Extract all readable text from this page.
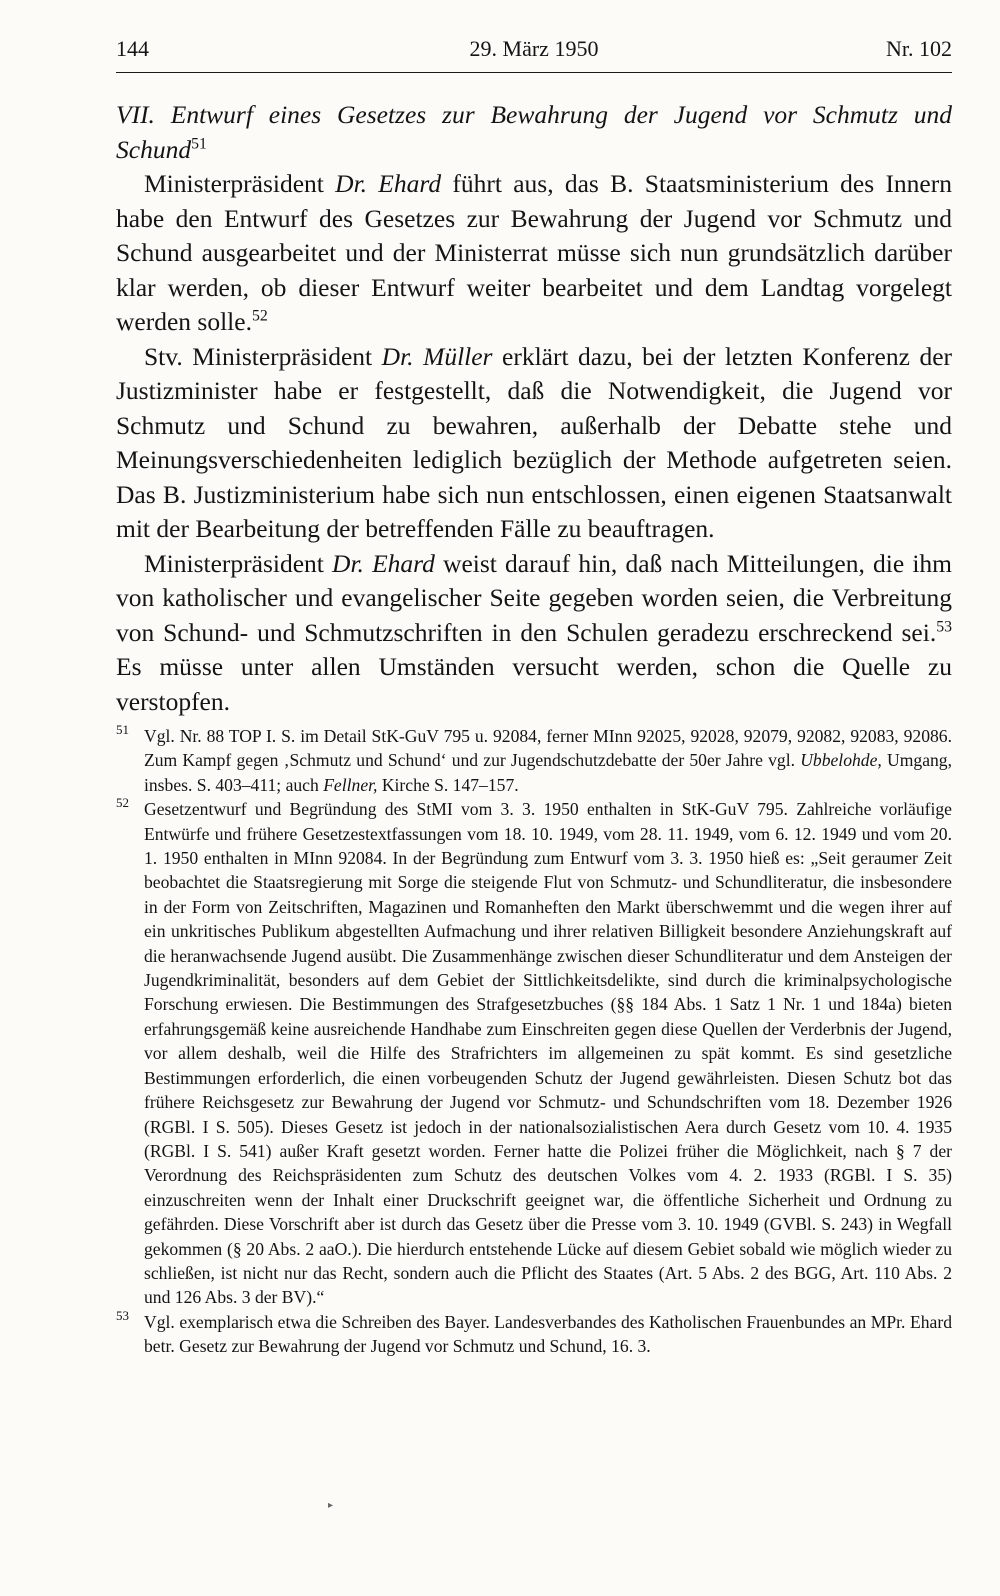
144	29. März 1950	Nr. 102

VII. Entwurf eines Gesetzes zur Bewahrung der Jugend vor Schmutz und Schund$^{51}$

Ministerpräsident Dr. Ehard führt aus, das B. Staatsministerium des Innern habe den Entwurf des Gesetzes zur Bewahrung der Jugend vor Schmutz und Schund ausgearbeitet und der Ministerrat müsse sich nun grundsätzlich darüber klar werden, ob dieser Entwurf weiter bearbeitet und dem Landtag vorgelegt werden solle.$^{52}$

Stv. Ministerpräsident Dr. Müller erklärt dazu, bei der letzten Konferenz der Justizminister habe er festgestellt, daß die Notwendigkeit, die Jugend vor Schmutz und Schund zu bewahren, außerhalb der Debatte stehe und Meinungsverschiedenheiten lediglich bezüglich der Methode aufgetreten seien. Das B. Justizministerium habe sich nun entschlossen, einen eigenen Staatsanwalt mit der Bearbeitung der betreffenden Fälle zu beauftragen.

Ministerpräsident Dr. Ehard weist darauf hin, daß nach Mitteilungen, die ihm von katholischer und evangelischer Seite gegeben worden seien, die Verbreitung von Schund- und Schmutzschriften in den Schulen geradezu erschreckend sei.$^{53}$ Es müsse unter allen Umständen versucht werden, schon die Quelle zu verstopfen.

51 Vgl. Nr. 88 TOP I. S. im Detail StK-GuV 795 u. 92084, ferner MInn 92025, 92028, 92079, 92082, 92083, 92086. Zum Kampf gegen ‚Schmutz und Schund‘ und zur Jugendschutzdebatte der 50er Jahre vgl. Ubbelohde, Umgang, insbes. S. 403–411; auch Fellner, Kirche S. 147–157.

52 Gesetzentwurf und Begründung des StMI vom 3. 3. 1950 enthalten in StK-GuV 795. Zahlreiche vorläufige Entwürfe und frühere Gesetzestextfassungen vom 18. 10. 1949, vom 28. 11. 1949, vom 6. 12. 1949 und vom 20. 1. 1950 enthalten in MInn 92084. In der Begründung zum Entwurf vom 3. 3. 1950 hieß es: „Seit geraumer Zeit beobachtet die Staatsregierung mit Sorge die steigende Flut von Schmutz- und Schundliteratur, die insbesondere in der Form von Zeitschriften, Magazinen und Romanheften den Markt überschwemmt und die wegen ihrer auf ein unkritisches Publikum abgestellten Aufmachung und ihrer relativen Billigkeit besondere Anziehungskraft auf die heranwachsende Jugend ausübt. Die Zusammenhänge zwischen dieser Schundliteratur und dem Ansteigen der Jugendkriminalität, besonders auf dem Gebiet der Sittlichkeitsdelikte, sind durch die kriminalpsychologische Forschung erwiesen. Die Bestimmungen des Strafgesetzbuches (§§ 184 Abs. 1 Satz 1 Nr. 1 und 184a) bieten erfahrungsgemäß keine ausreichende Handhabe zum Einschreiten gegen diese Quellen der Verderbnis der Jugend, vor allem deshalb, weil die Hilfe des Strafrichters im allgemeinen zu spät kommt. Es sind gesetzliche Bestimmungen erforderlich, die einen vorbeugenden Schutz der Jugend gewährleisten. Diesen Schutz bot das frühere Reichsgesetz zur Bewahrung der Jugend vor Schmutz- und Schundschriften vom 18. Dezember 1926 (RGBl. I S. 505). Dieses Gesetz ist jedoch in der nationalsozialistischen Aera durch Gesetz vom 10. 4. 1935 (RGBl. I S. 541) außer Kraft gesetzt worden. Ferner hatte die Polizei früher die Möglichkeit, nach § 7 der Verordnung des Reichspräsidenten zum Schutz des deutschen Volkes vom 4. 2. 1933 (RGBl. I S. 35) einzuschreiten wenn der Inhalt einer Druckschrift geeignet war, die öffentliche Sicherheit und Ordnung zu gefährden. Diese Vorschrift aber ist durch das Gesetz über die Presse vom 3. 10. 1949 (GVBl. S. 243) in Wegfall gekommen (§ 20 Abs. 2 aaO.). Die hierdurch entstehende Lücke auf diesem Gebiet sobald wie möglich wieder zu schließen, ist nicht nur das Recht, sondern auch die Pflicht des Staates (Art. 5 Abs. 2 des BGG, Art. 110 Abs. 2 und 126 Abs. 3 der BV).“

53 Vgl. exemplarisch etwa die Schreiben des Bayer. Landesverbandes des Katholischen Frauenbundes an MPr. Ehard betr. Gesetz zur Bewahrung der Jugend vor Schmutz und Schund, 16. 3.

▸
